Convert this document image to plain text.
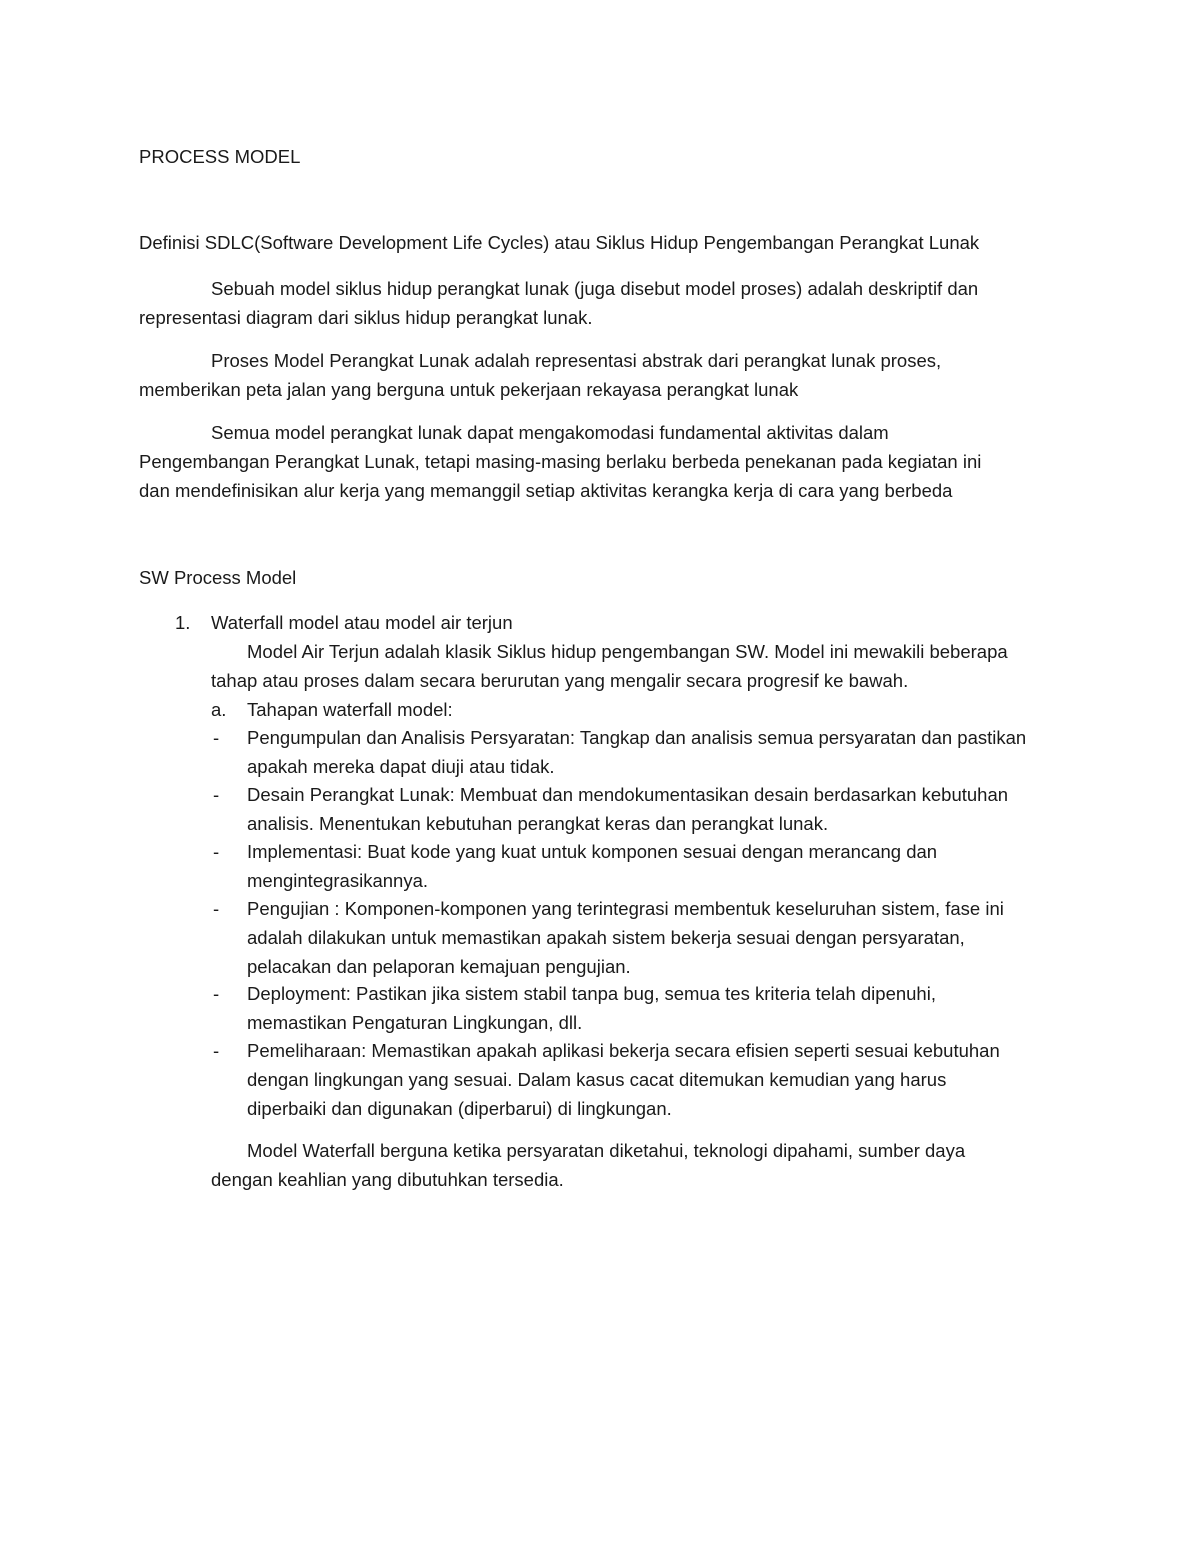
PROCESS MODEL
Definisi SDLC(Software Development Life Cycles) atau Siklus Hidup Pengembangan Perangkat Lunak
Sebuah model siklus hidup perangkat lunak (juga disebut model proses) adalah deskriptif dan
representasi diagram dari siklus hidup perangkat lunak.
Proses Model Perangkat Lunak adalah representasi abstrak dari perangkat lunak proses,
memberikan peta jalan yang berguna untuk pekerjaan rekayasa perangkat lunak
Semua model perangkat lunak dapat mengakomodasi fundamental aktivitas dalam
Pengembangan Perangkat Lunak, tetapi masing-masing berlaku berbeda penekanan pada kegiatan ini
dan mendefinisikan alur kerja yang memanggil setiap aktivitas kerangka kerja di cara yang berbeda
SW Process Model
1. Waterfall model atau model air terjun
Model Air Terjun adalah klasik Siklus hidup pengembangan SW. Model ini mewakili beberapa
tahap atau proses dalam secara berurutan yang mengalir secara progresif ke bawah.
a. Tahapan waterfall model:
- Pengumpulan dan Analisis Persyaratan: Tangkap dan analisis semua persyaratan dan pastikan
apakah mereka dapat diuji atau tidak.
- Desain Perangkat Lunak: Membuat dan mendokumentasikan desain berdasarkan kebutuhan
analisis. Menentukan kebutuhan perangkat keras dan perangkat lunak.
- Implementasi: Buat kode yang kuat untuk komponen sesuai dengan merancang dan
mengintegrasikannya.
- Pengujian : Komponen-komponen yang terintegrasi membentuk keseluruhan sistem, fase ini
adalah dilakukan untuk memastikan apakah sistem bekerja sesuai dengan persyaratan,
pelacakan dan pelaporan kemajuan pengujian.
- Deployment: Pastikan jika sistem stabil tanpa bug, semua tes kriteria telah dipenuhi,
memastikan Pengaturan Lingkungan, dll.
- Pemeliharaan: Memastikan apakah aplikasi bekerja secara efisien seperti sesuai kebutuhan
dengan lingkungan yang sesuai. Dalam kasus cacat ditemukan kemudian yang harus
diperbaiki dan digunakan (diperbarui) di lingkungan.
Model Waterfall berguna ketika persyaratan diketahui, teknologi dipahami, sumber daya
dengan keahlian yang dibutuhkan tersedia.
